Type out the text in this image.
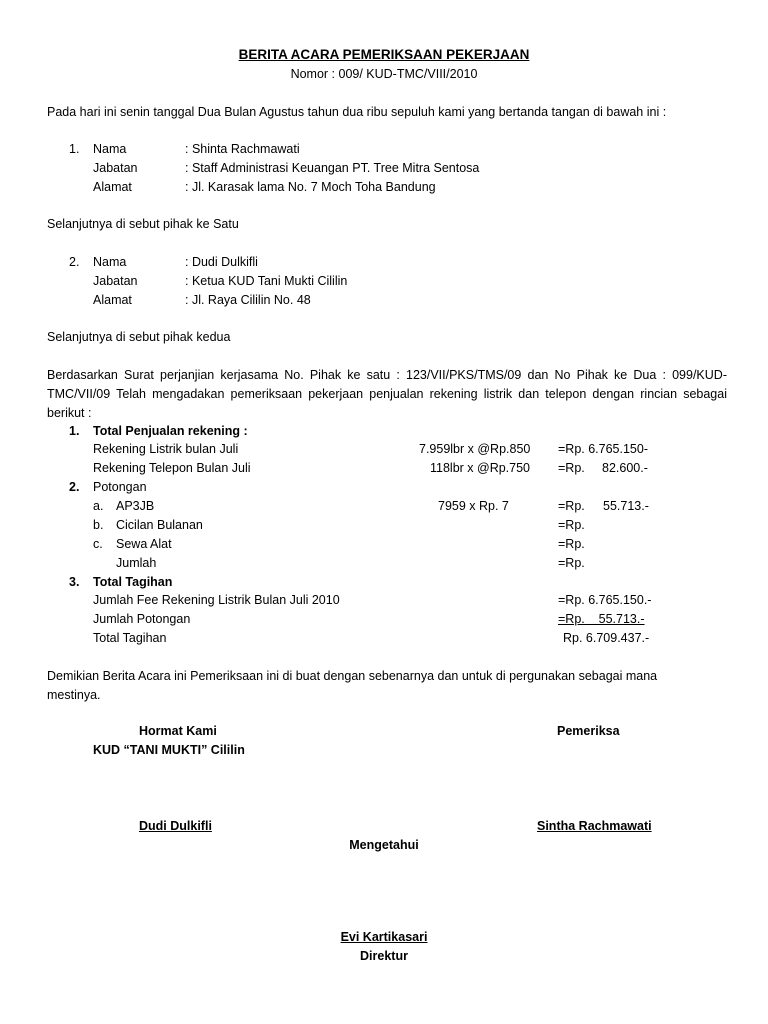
BERITA ACARA PEMERIKSAAN PEKERJAAN
Nomor : 009/ KUD-TMC/VIII/2010
Pada hari ini senin tanggal Dua Bulan Agustus tahun dua ribu sepuluh kami yang bertanda tangan di bawah ini :
1. Nama	: Shinta Rachmawati
Jabatan	: Staff Administrasi Keuangan PT. Tree Mitra Sentosa
Alamat	: Jl. Karasak lama No. 7 Moch Toha Bandung
Selanjutnya di sebut pihak ke Satu
2. Nama	: Dudi Dulkifli
Jabatan	: Ketua KUD Tani Mukti Cililin
Alamat	: Jl. Raya Cililin No. 48
Selanjutnya di sebut pihak kedua
Berdasarkan Surat perjanjian kerjasama No. Pihak ke satu : 123/VII/PKS/TMS/09 dan No Pihak ke Dua : 099/KUD-TMC/VII/09 Telah mengadakan pemeriksaan pekerjaan penjualan rekening listrik dan telepon dengan rincian sebagai berikut :
1. Total Penjualan rekening :
Rekening Listrik bulan Juli	7.959lbr x @Rp.850 =Rp. 6.765.150-
Rekening Telepon Bulan Juli	118lbr x @Rp.750 =Rp. 82.600.-
2. Potongan
a. AP3JB	7959 x Rp. 7	=Rp. 55.713.-
b. Cicilan Bulanan	=Rp.
c. Sewa Alat	=Rp.
Jumlah	=Rp.
3. Total Tagihan
Jumlah Fee Rekening Listrik Bulan Juli 2010	=Rp. 6.765.150.-
Jumlah Potongan	=Rp.    55.713.-
Total Tagihan	Rp. 6.709.437.-
Demikian Berita Acara ini Pemeriksaan ini di buat dengan sebenarnya dan untuk di pergunakan sebagai mana mestinya.
Hormat Kami
KUD “TANI MUKTI” Cililin
Pemeriksa
Dudi Dulkifli	Sintha Rachmawati
Mengetahui
Evi Kartikasari
Direktur
